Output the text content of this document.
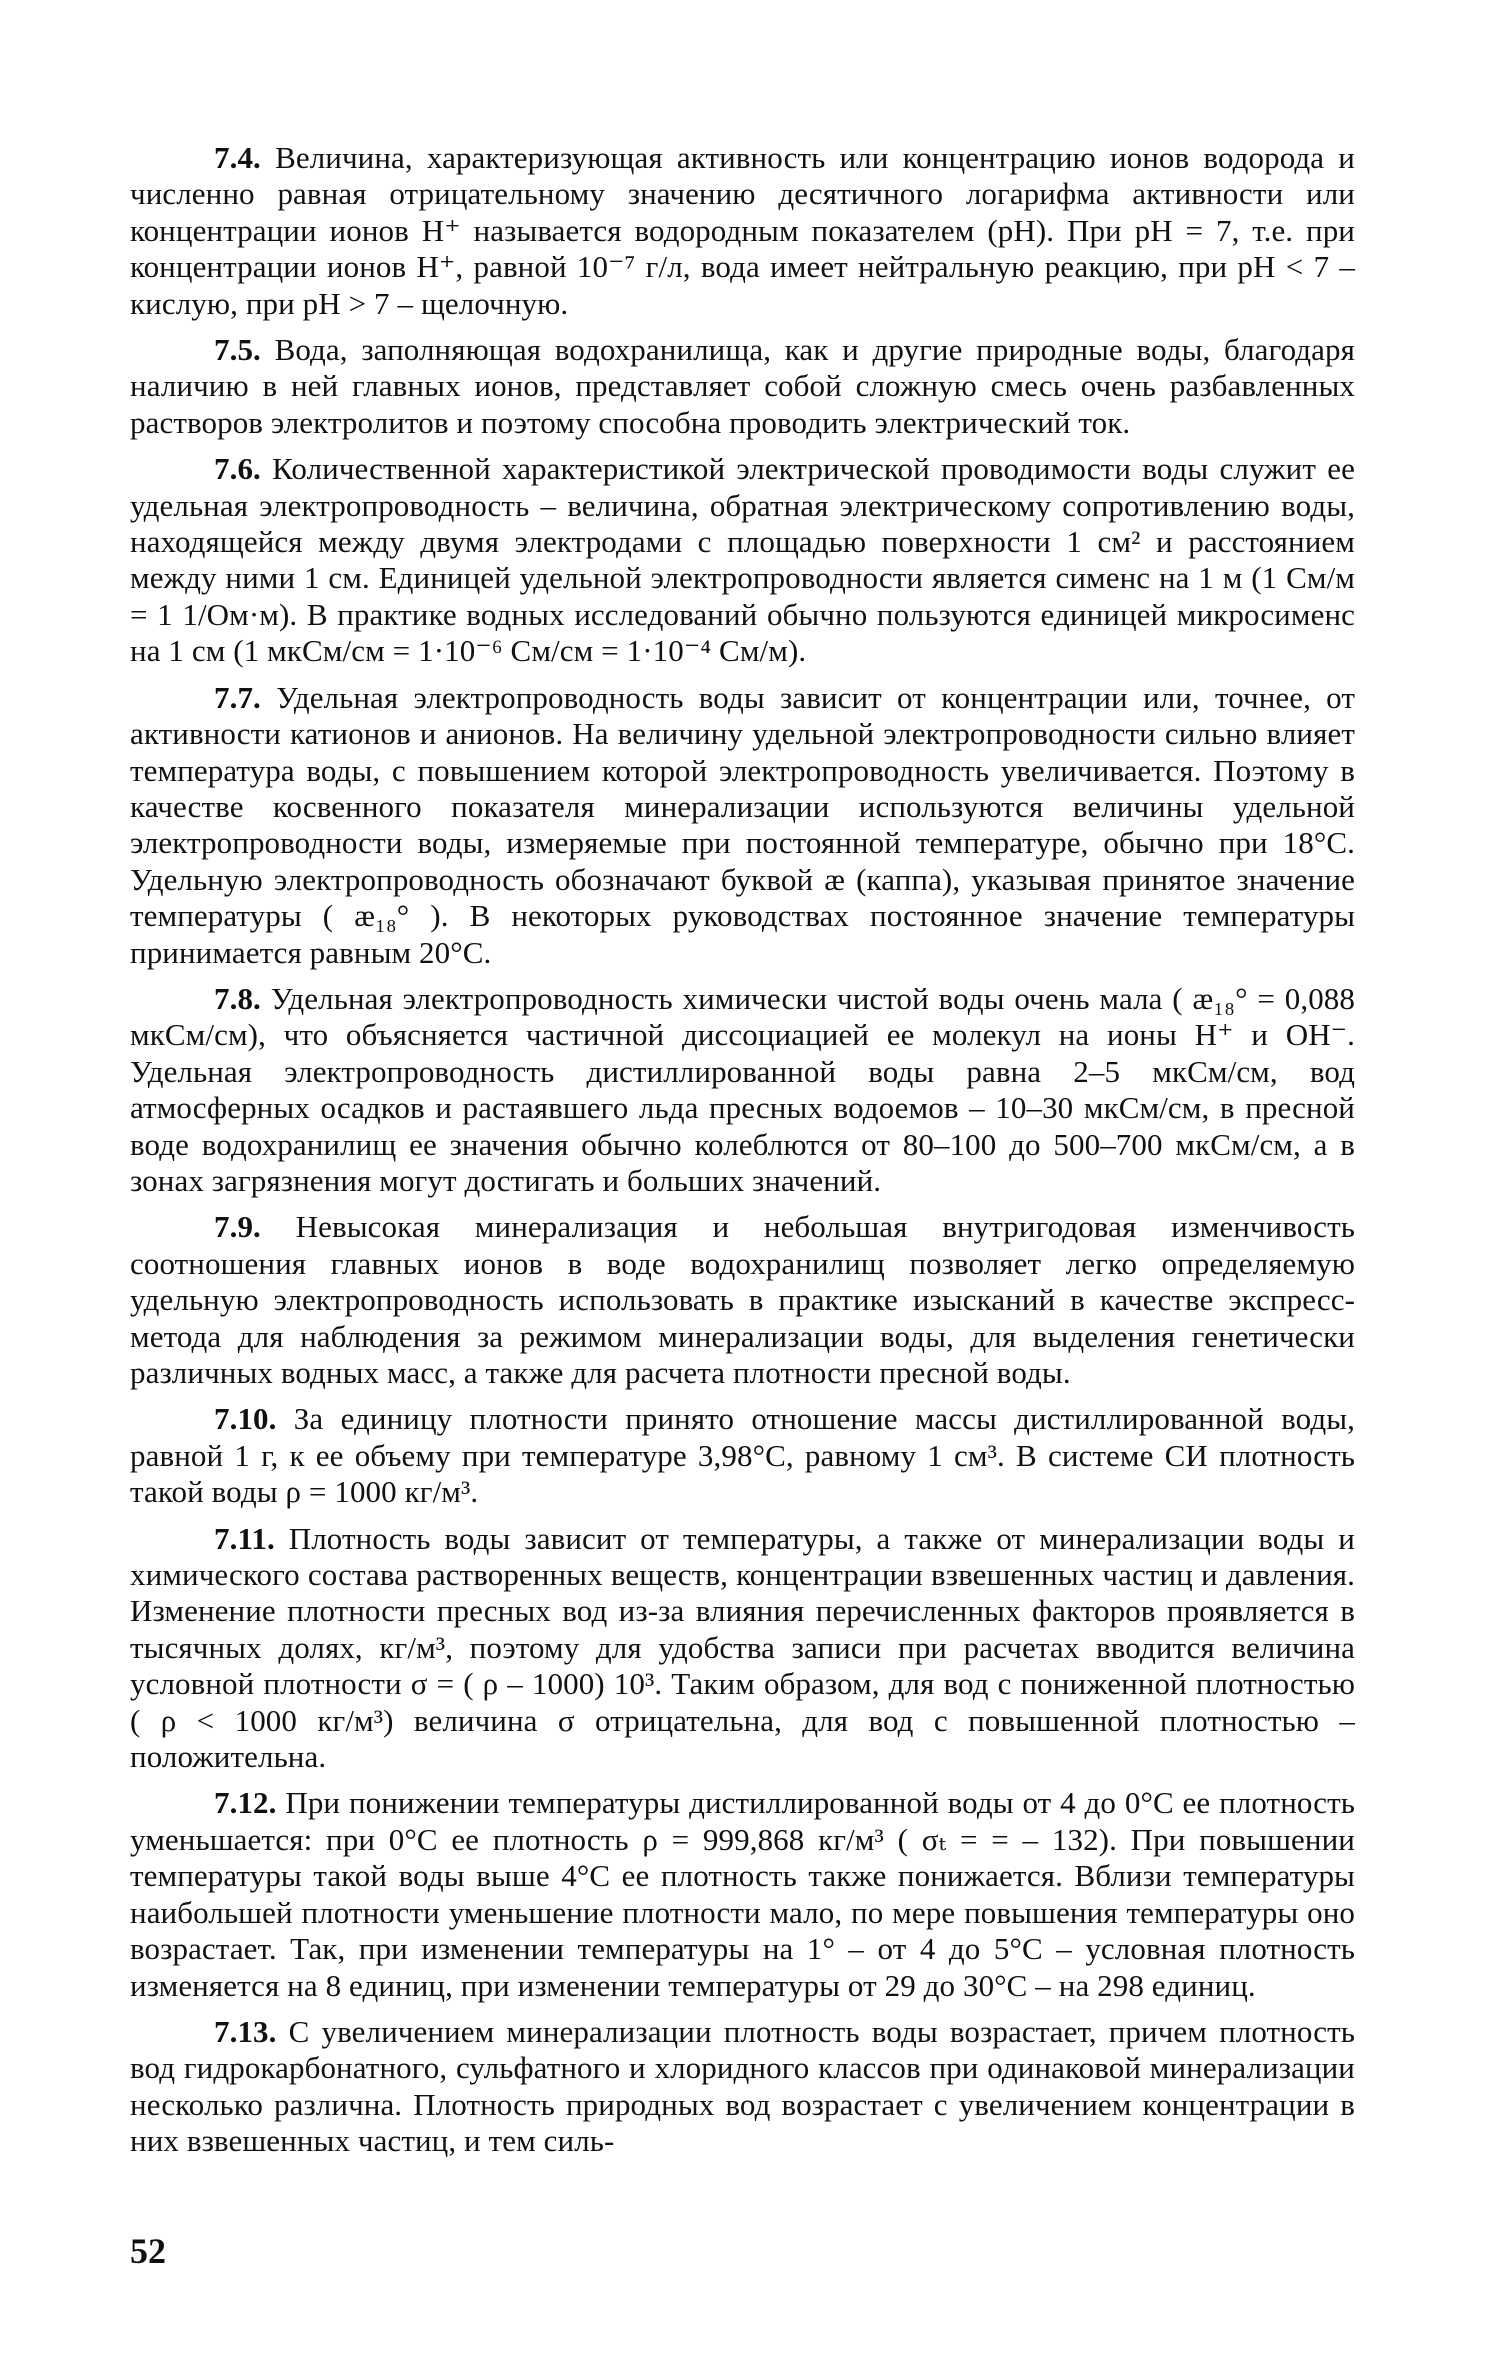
7.4. Величина, характеризующая активность или концентрацию ионов водорода и численно равная отрицательному значению десятичного логарифма активности или концентрации ионов H⁺ называется водородным показателем (pH). При pH = 7, т.е. при концентрации ионов H⁺, равной 10⁻⁷ г/л, вода имеет нейтральную реакцию, при pH < 7 – кислую, при pH > 7 – щелочную.

7.5. Вода, заполняющая водохранилища, как и другие природные воды, благодаря наличию в ней главных ионов, представляет собой сложную смесь очень разбавленных растворов электролитов и поэтому способна проводить электрический ток.

7.6. Количественной характеристикой электрической проводимости воды служит ее удельная электропроводность – величина, обратная электрическому сопротивлению воды, находящейся между двумя электродами с площадью поверхности 1 см² и расстоянием между ними 1 см. Единицей удельной электропроводности является сименс на 1 м (1 См/м = 1 1/Ом·м). В практике водных исследований обычно пользуются единицей микросименс на 1 см (1 мкСм/см = 1·10⁻⁶ См/см = 1·10⁻⁴ См/м).

7.7. Удельная электропроводность воды зависит от концентрации или, точнее, от активности катионов и анионов. На величину удельной электропроводности сильно влияет температура воды, с повышением которой электропроводность увеличивается. Поэтому в качестве косвенного показателя минерализации используются величины удельной электропроводности воды, измеряемые при постоянной температуре, обычно при 18°С. Удельную электропроводность обозначают буквой æ (каппа), указывая принятое значение температуры ( æ₁₈° ). В некоторых руководствах постоянное значение температуры принимается равным 20°С.

7.8. Удельная электропроводность химически чистой воды очень мала ( æ₁₈° = 0,088 мкСм/см), что объясняется частичной диссоциацией ее молекул на ионы H⁺ и OH⁻. Удельная электропроводность дистиллированной воды равна 2–5 мкСм/см, вод атмосферных осадков и растаявшего льда пресных водоемов – 10–30 мкСм/см, в пресной воде водохранилищ ее значения обычно колеблются от 80–100 до 500–700 мкСм/см, а в зонах загрязнения могут достигать и больших значений.

7.9. Невысокая минерализация и небольшая внутригодовая изменчивость соотношения главных ионов в воде водохранилищ позволяет легко определяемую удельную электропроводность использовать в практике изысканий в качестве экспресс-метода для наблюдения за режимом минерализации воды, для выделения генетически различных водных масс, а также для расчета плотности пресной воды.

7.10. За единицу плотности принято отношение массы дистиллированной воды, равной 1 г, к ее объему при температуре 3,98°С, равному 1 см³. В системе СИ плотность такой воды ρ = 1000 кг/м³.

7.11. Плотность воды зависит от температуры, а также от минерализации воды и химического состава растворенных веществ, концентрации взвешенных частиц и давления. Изменение плотности пресных вод из-за влияния перечисленных факторов проявляется в тысячных долях, кг/м³, поэтому для удобства записи при расчетах вводится величина условной плотности σ = ( ρ – 1000) 10³. Таким образом, для вод с пониженной плотностью ( ρ < 1000 кг/м³) величина σ отрицательна, для вод с повышенной плотностью – положительна.

7.12. При понижении температуры дистиллированной воды от 4 до 0°С ее плотность уменьшается: при 0°С ее плотность ρ = 999,868 кг/м³ ( σₜ = = – 132). При повышении температуры такой воды выше 4°С ее плотность также понижается. Вблизи температуры наибольшей плотности уменьшение плотности мало, по мере повышения температуры оно возрастает. Так, при изменении температуры на 1° – от 4 до 5°С – условная плотность изменяется на 8 единиц, при изменении температуры от 29 до 30°С – на 298 единиц.

7.13. С увеличением минерализации плотность воды возрастает, причем плотность вод гидрокарбонатного, сульфатного и хлоридного классов при одинаковой минерализации несколько различна. Плотность природных вод возрастает с увеличением концентрации в них взвешенных частиц, и тем силь-

52
